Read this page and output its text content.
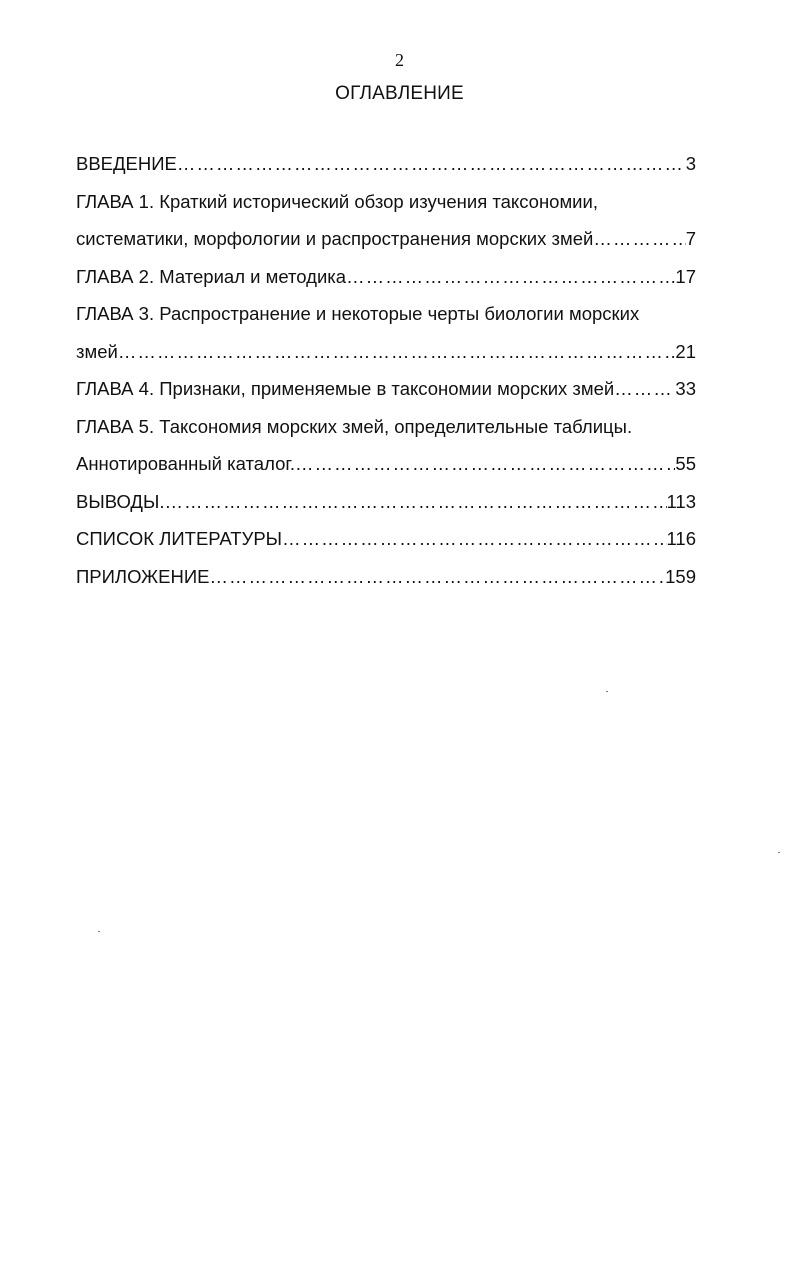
2
ОГЛАВЛЕНИЕ
ВВЕДЕНИЕ ……………………………………………………………………………………………………………………………………………	3
ГЛАВА 1. Краткий исторический обзор изучения таксономии,
систематики, морфологии и распространения морских змей ……………………………………………………………………………………………………………………………………………	7
ГЛАВА 2. Материал и методика ……………………………………………………………………………………………………………………………………………	17
ГЛАВА 3. Распространение и некоторые черты биологии морских
змей ……………………………………………………………………………………………………………………………………………	21
ГЛАВА 4. Признаки, применяемые в таксономии морских змей ……………………………………………………………………………………………………………………………………………	33
ГЛАВА 5. Таксономия морских змей, определительные таблицы.
Аннотированный каталог. ……………………………………………………………………………………………………………………………………………	55
ВЫВОДЫ. ……………………………………………………………………………………………………………………………………………	113
СПИСОК ЛИТЕРАТУРЫ ……………………………………………………………………………………………………………………………………………	116
ПРИЛОЖЕНИЕ ……………………………………………………………………………………………………………………………………………	159
